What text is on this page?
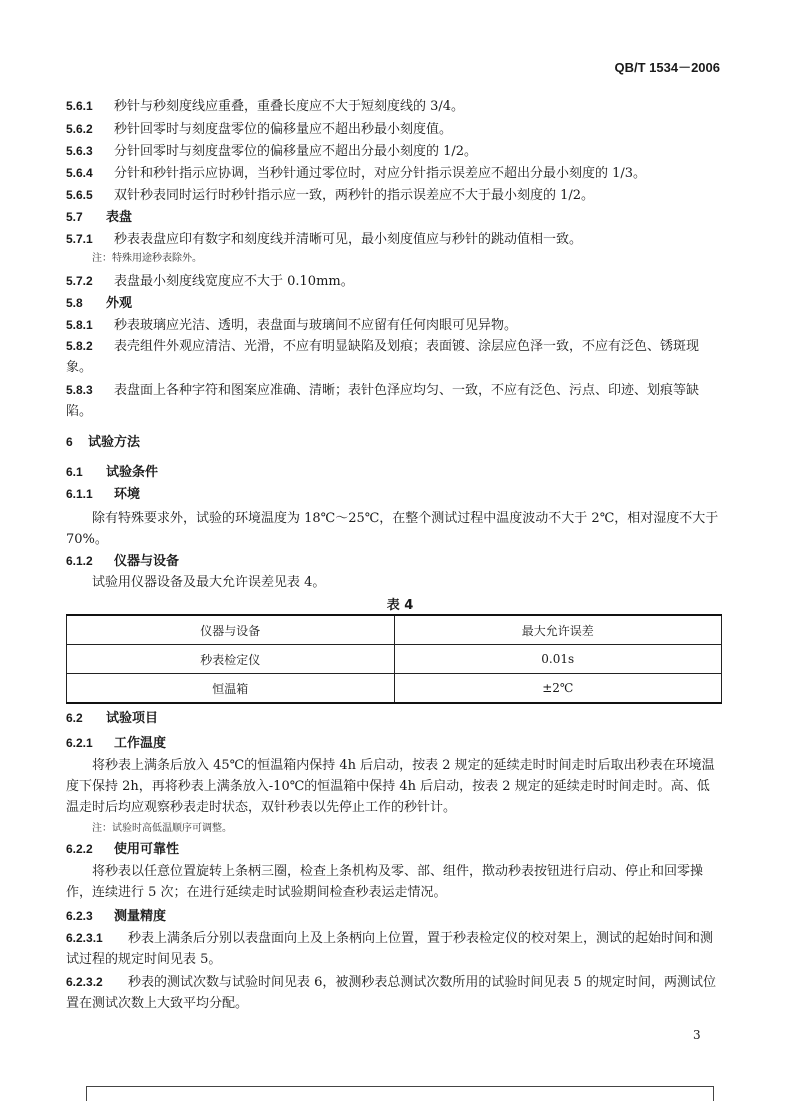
QB/T 1534－2006
5.6.1 秒针与秒刻度线应重叠，重叠长度应不大于短刻度线的 3/4。
5.6.2 秒针回零时与刻度盘零位的偏移量应不超出秒最小刻度值。
5.6.3 分针回零时与刻度盘零位的偏移量应不超出分最小刻度的 1/2。
5.6.4 分针和秒针指示应协调，当秒针通过零位时，对应分针指示误差应不超出分最小刻度的 1/3。
5.6.5 双针秒表同时运行时秒针指示应一致，两秒针的指示误差应不大于最小刻度的 1/2。
5.7 表盘
5.7.1 秒表表盘应印有数字和刻度线并清晰可见，最小刻度值应与秒针的跳动值相一致。
注：特殊用途秒表除外。
5.7.2 表盘最小刻度线宽度应不大于 0.10mm。
5.8 外观
5.8.1 秒表玻璃应光洁、透明，表盘面与玻璃间不应留有任何肉眼可见异物。
5.8.2 表壳组件外观应清洁、光滑，不应有明显缺陷及划痕；表面镀、涂层应色泽一致，不应有泛色、锈斑现象。
5.8.3 表盘面上各种字符和图案应准确、清晰；表针色泽应均匀、一致，不应有泛色、污点、印迹、划痕等缺陷。
6 试验方法
6.1 试验条件
6.1.1 环境
除有特殊要求外，试验的环境温度为 18℃～25℃，在整个测试过程中温度波动不大于 2℃，相对湿度不大于 70%。
6.1.2 仪器与设备
试验用仪器设备及最大允许误差见表 4。
表 4
仪器与设备	最大允许误差
秒表检定仪	0.01s
恒温箱	±2℃
6.2 试验项目
6.2.1 工作温度
将秒表上满条后放入 45℃的恒温箱内保持 4h 后启动，按表 2 规定的延续走时时间走时后取出秒表在环境温度下保持 2h，再将秒表上满条放入-10℃的恒温箱中保持 4h 后启动，按表 2 规定的延续走时时间走时。高、低温走时后均应观察秒表走时状态，双针秒表以先停止工作的秒针计。
注：试验时高低温顺序可调整。
6.2.2 使用可靠性
将秒表以任意位置旋转上条柄三圈，检查上条机构及零、部、组件，揿动秒表按钮进行启动、停止和回零操作，连续进行 5 次；在进行延续走时试验期间检查秒表运走情况。
6.2.3 测量精度
6.2.3.1 秒表上满条后分别以表盘面向上及上条柄向上位置，置于秒表检定仪的校对架上，测试的起始时间和测试过程的规定时间见表 5。
6.2.3.2 秒表的测试次数与试验时间见表 6，被测秒表总测试次数所用的试验时间见表 5 的规定时间，两测试位置在测试次数上大致平均分配。
3
